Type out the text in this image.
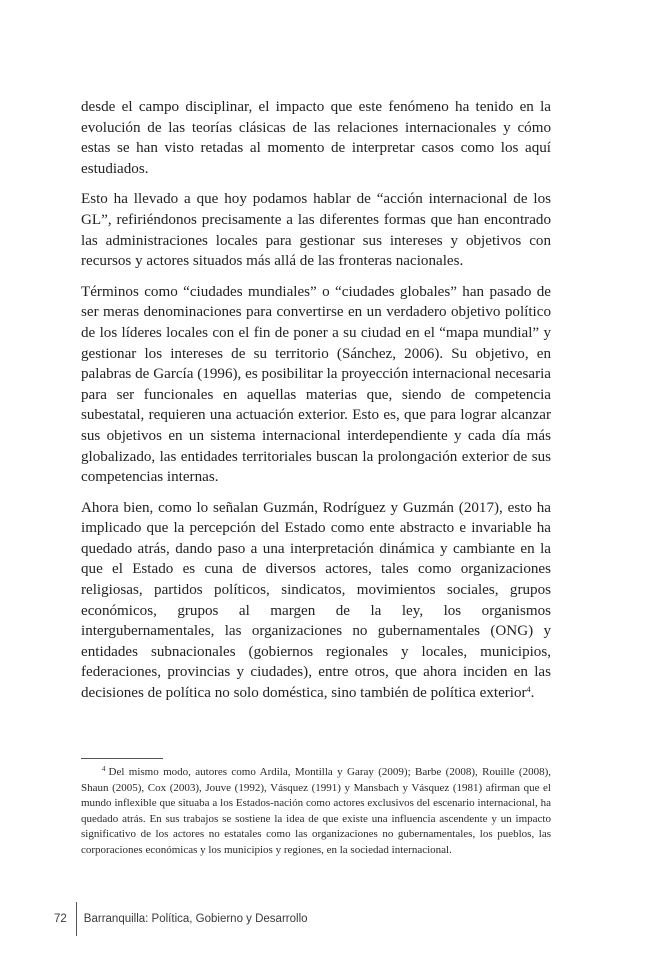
desde el campo disciplinar, el impacto que este fenómeno ha tenido en la evolución de las teorías clásicas de las relaciones internacionales y cómo estas se han visto retadas al momento de interpretar casos como los aquí estudiados.

Esto ha llevado a que hoy podamos hablar de “acción internacional de los GL”, refiriéndonos precisamente a las diferentes formas que han encontrado las administraciones locales para gestionar sus intereses y objetivos con recursos y actores situados más allá de las fronteras nacionales.

Términos como “ciudades mundiales” o “ciudades globales” han pasado de ser meras denominaciones para convertirse en un verdadero objetivo político de los líderes locales con el fin de poner a su ciudad en el “mapa mundial” y gestionar los intereses de su territorio (Sánchez, 2006). Su objetivo, en palabras de García (1996), es posibilitar la proyección internacional necesaria para ser funcionales en aquellas materias que, siendo de competencia subestatal, requieren una actuación exterior. Esto es, que para lograr alcanzar sus objetivos en un sistema internacional interdependiente y cada día más globalizado, las entidades territoriales buscan la prolongación exterior de sus competencias internas.

Ahora bien, como lo señalan Guzmán, Rodríguez y Guzmán (2017), esto ha implicado que la percepción del Estado como ente abstracto e invariable ha quedado atrás, dando paso a una interpretación dinámica y cambiante en la que el Estado es cuna de diversos actores, tales como organizaciones religiosas, partidos políticos, sindicatos, movimientos sociales, grupos económicos, grupos al margen de la ley, los organismos intergubernamentales, las organizaciones no gubernamentales (ONG) y entidades subnacionales (gobiernos regionales y locales, municipios, federaciones, provincias y ciudades), entre otros, que ahora inciden en las decisiones de política no solo doméstica, sino también de política exterior$^4$.

$^4$ Del mismo modo, autores como Ardila, Montilla y Garay (2009); Barbe (2008), Rouille (2008), Shaun (2005), Cox (2003), Jouve (1992), Vásquez (1991) y Mansbach y Vásquez (1981) afirman que el mundo inflexible que situaba a los Estados-nación como actores exclusivos del escenario internacional, ha quedado atrás. En sus trabajos se sostiene la idea de que existe una influencia ascendente y un impacto significativo de los actores no estatales como las organizaciones no gubernamentales, los pueblos, las corporaciones económicas y los municipios y regiones, en la sociedad internacional.
72	Barranquilla: Política, Gobierno y Desarrollo
